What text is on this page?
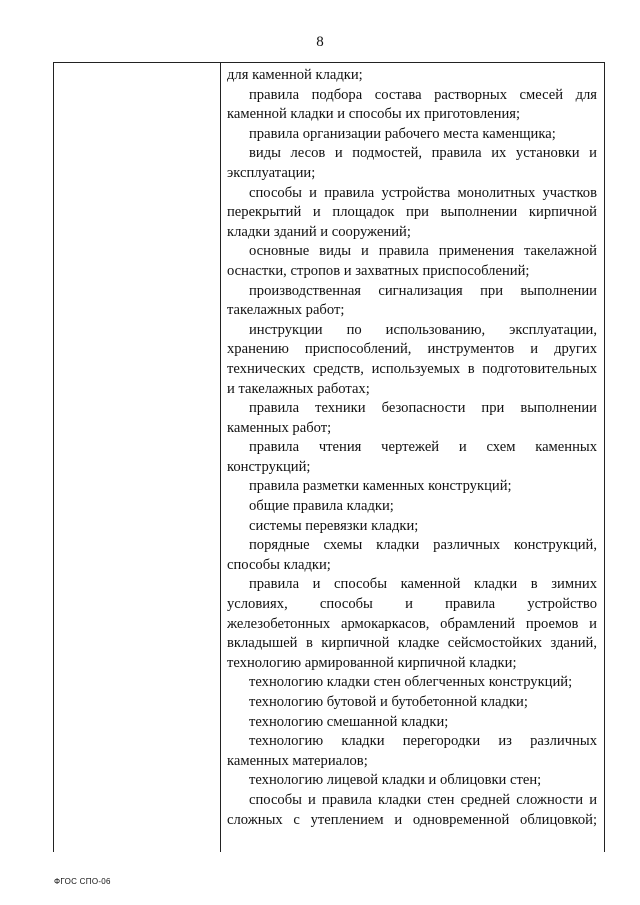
8
для каменной кладки;
правила подбора состава растворных смесей для
каменной кладки и способы их приготовления;
правила организации рабочего места каменщика;
виды лесов и подмостей, правила их установки и
эксплуатации;
способы и правила устройства монолитных участков
перекрытий и площадок при выполнении кирпичной
кладки зданий и сооружений;
основные виды и правила применения такелажной
оснастки, стропов и захватных приспособлений;
производственная сигнализация при выполнении
такелажных работ;
инструкции по использованию, эксплуатации,
хранению приспособлений, инструментов и других
технических средств, используемых в подготовительных
и такелажных работах;
правила техники безопасности при выполнении
каменных работ;
правила чтения чертежей и схем каменных
конструкций;
правила разметки каменных конструкций;
общие правила кладки;
системы перевязки кладки;
порядные схемы кладки различных конструкций,
способы кладки;
правила и способы каменной кладки в зимних
условиях, способы и правила устройство
железобетонных армокаркасов, обрамлений проемов и
вкладышей в кирпичной кладке сейсмостойких зданий,
технологию армированной кирпичной кладки;
технологию кладки стен облегченных конструкций;
технологию бутовой и бутобетонной кладки;
технологию смешанной кладки;
технологию кладки перегородки из различных
каменных материалов;
технологию лицевой кладки и облицовки стен;
способы и правила кладки стен средней сложности и
сложных с утеплением и одновременной облицовкой;
ФГОС СПО-06
